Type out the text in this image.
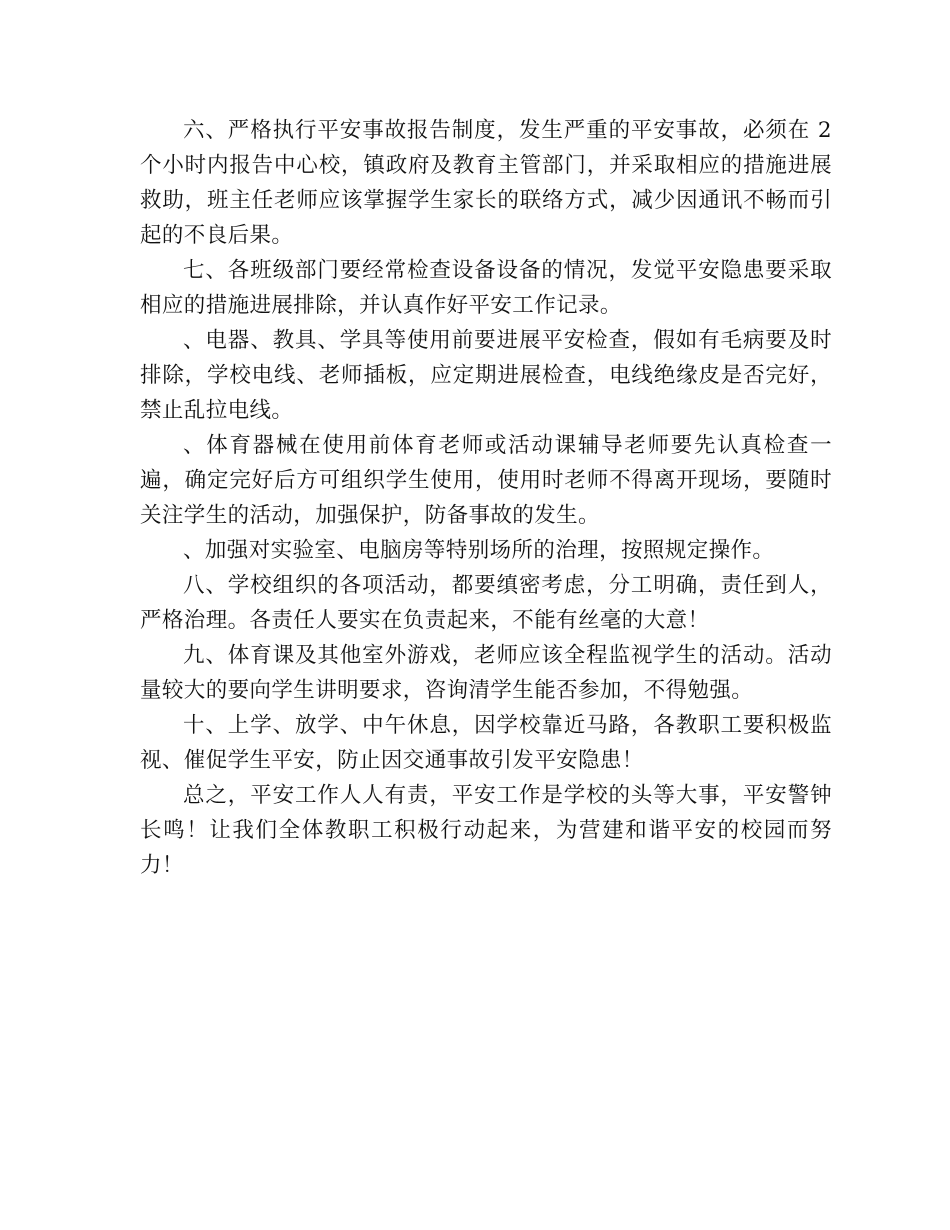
六、严格执行平安事故报告制度，发生严重的平安事故，必须在 2 个小时内报告中心校，镇政府及教育主管部门，并采取相应的措施进展救助，班主任老师应该掌握学生家长的联络方式，减少因通讯不畅而引起的不良后果。

七、各班级部门要经常检查设备设备的情况，发觉平安隐患要采取相应的措施进展排除，并认真作好平安工作记录。

、电器、教具、学具等使用前要进展平安检查，假如有毛病要及时排除，学校电线、老师插板，应定期进展检查，电线绝缘皮是否完好，禁止乱拉电线。

、体育器械在使用前体育老师或活动课辅导老师要先认真检查一遍，确定完好后方可组织学生使用，使用时老师不得离开现场，要随时关注学生的活动，加强保护，防备事故的发生。

、加强对实验室、电脑房等特别场所的治理，按照规定操作。

八、学校组织的各项活动，都要缜密考虑，分工明确，责任到人，严格治理。各责任人要实在负责起来，不能有丝毫的大意！

九、体育课及其他室外游戏，老师应该全程监视学生的活动。活动量较大的要向学生讲明要求，咨询清学生能否参加，不得勉强。

十、上学、放学、中午休息，因学校靠近马路，各教职工要积极监视、催促学生平安，防止因交通事故引发平安隐患！

总之，平安工作人人有责，平安工作是学校的头等大事，平安警钟长鸣！让我们全体教职工积极行动起来，为营建和谐平安的校园而努力！
